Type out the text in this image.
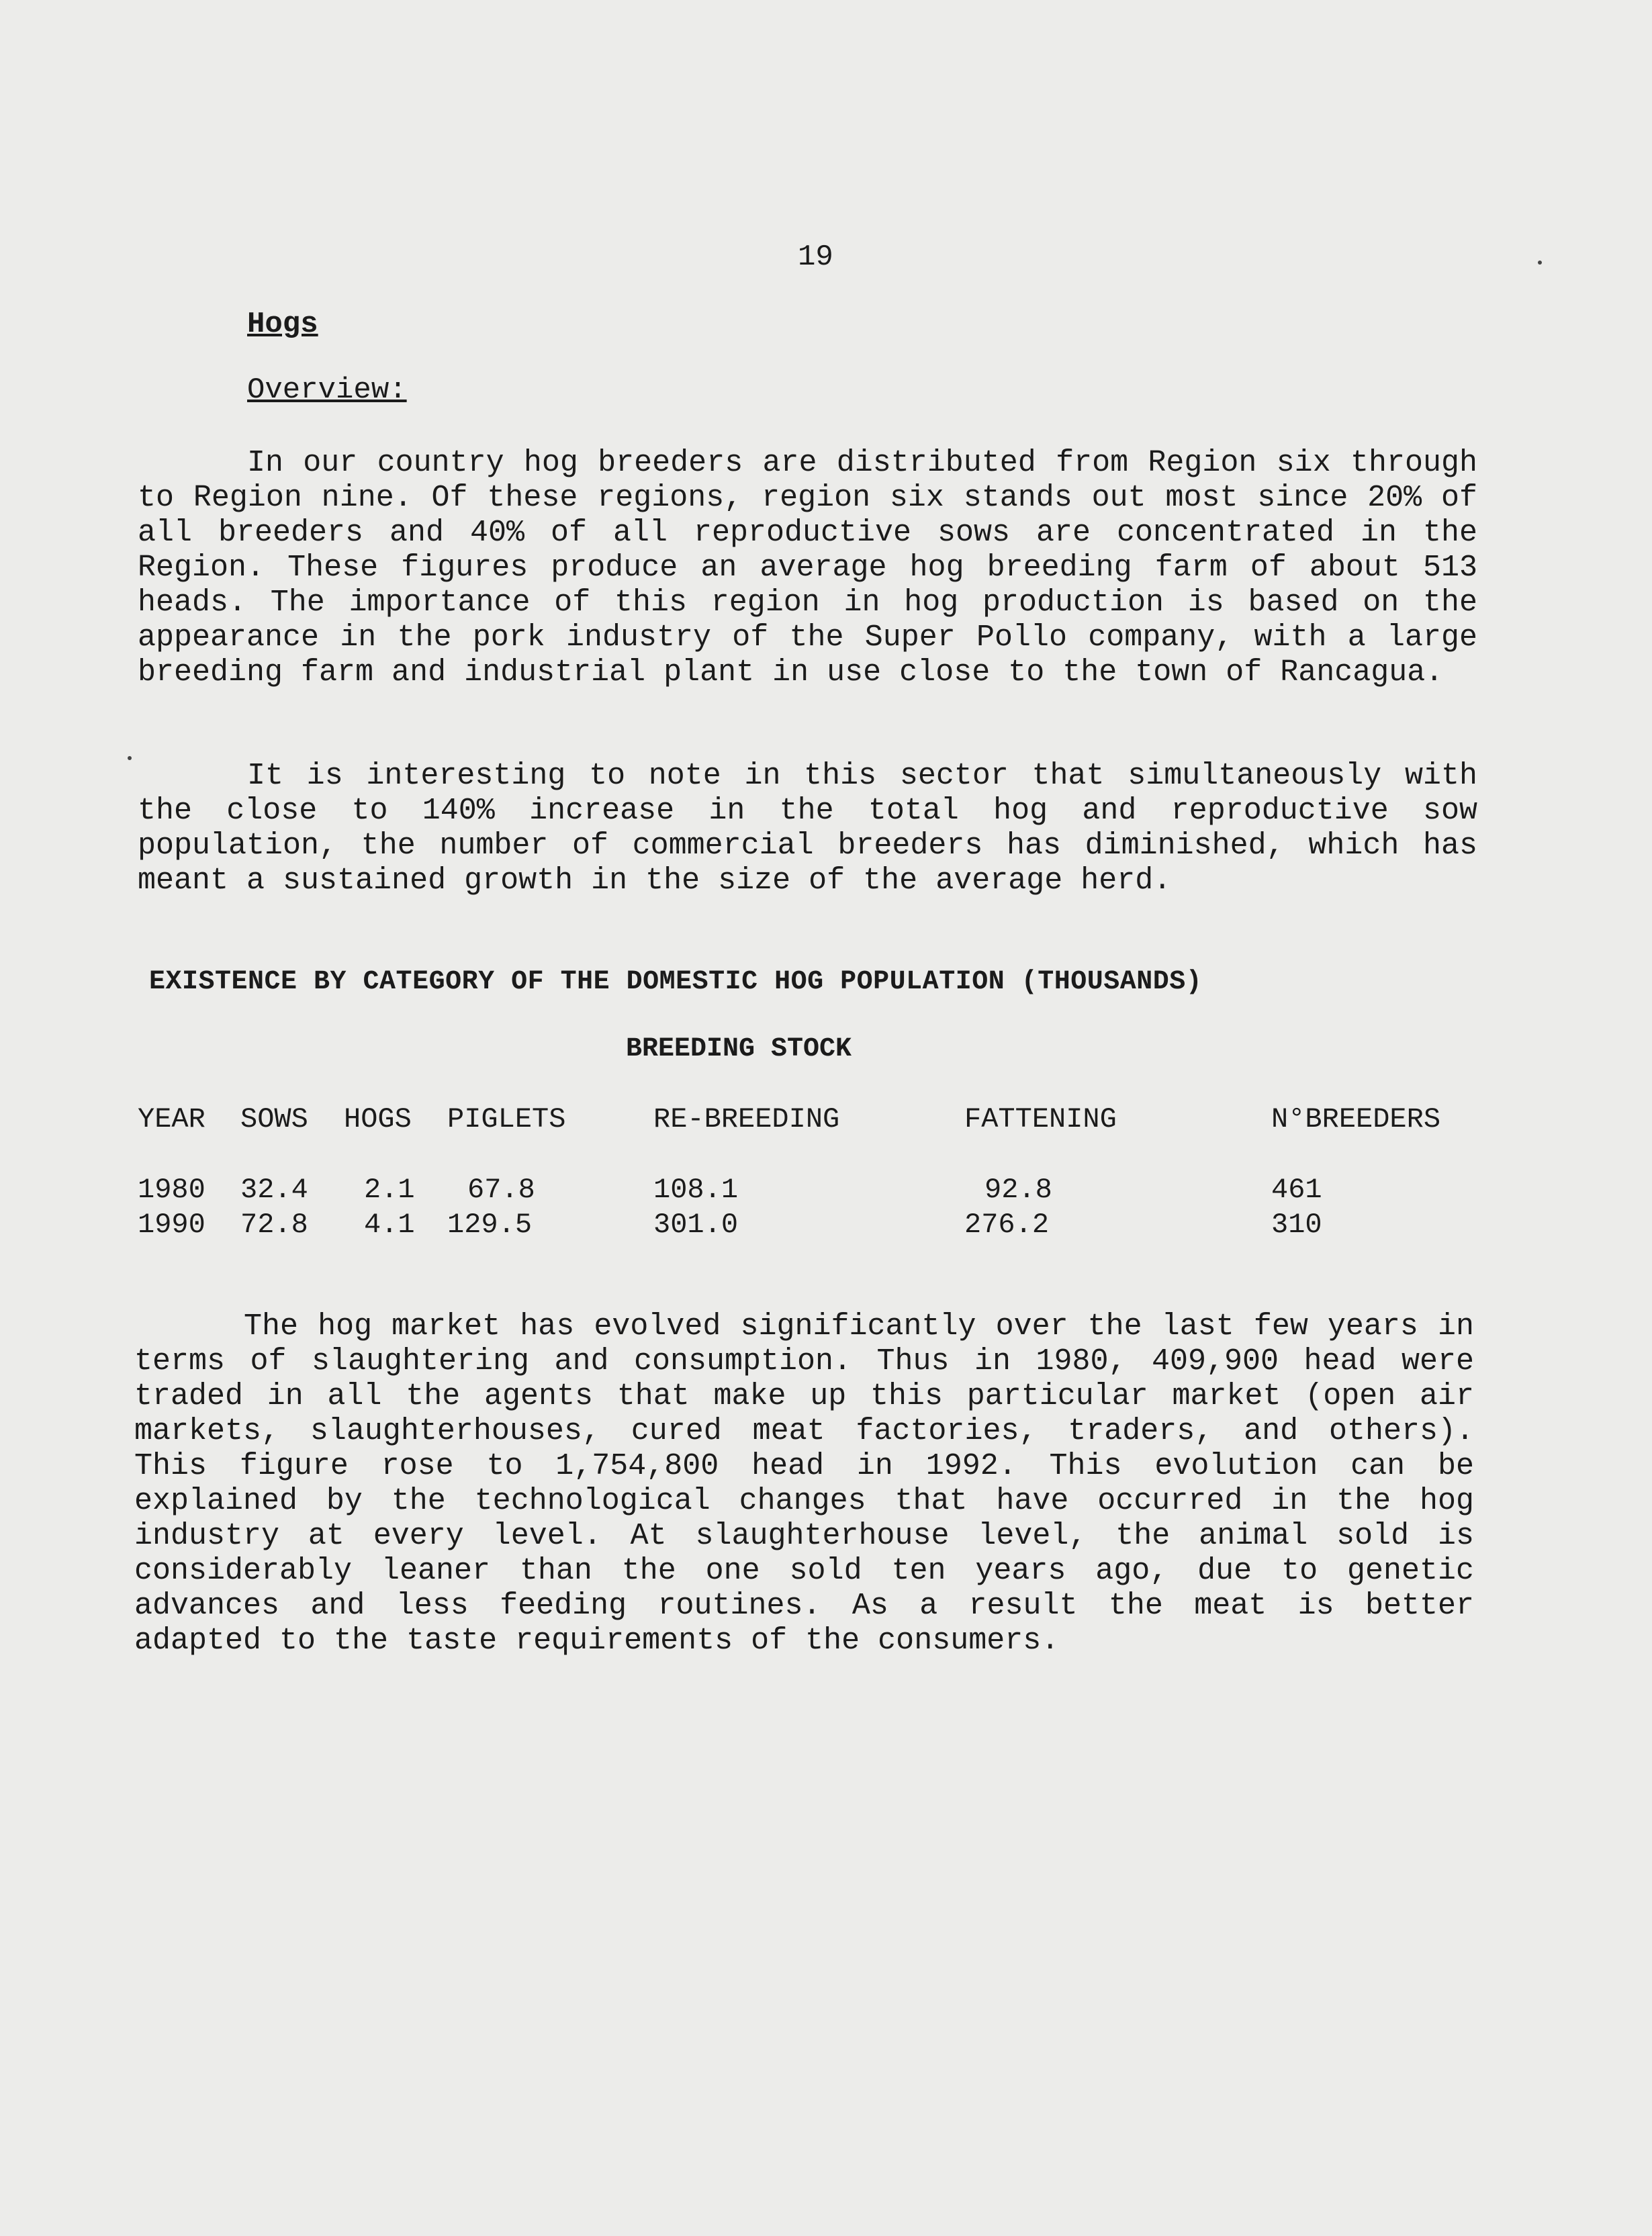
19
Hogs
Overview:

In our country hog breeders are distributed from Region six through to Region nine. Of these regions, region six stands out most since 20% of all breeders and 40% of all reproductive sows are concentrated in the Region. These figures produce an average hog breeding farm of about 513 heads. The importance of this region in hog production is based on the appearance in the pork industry of the Super Pollo company, with a large breeding farm and industrial plant in use close to the town of Rancagua.

It is interesting to note in this sector that simultaneously with the close to 140% increase in the total hog and reproductive sow population, the number of commercial breeders has diminished, which has meant a sustained growth in the size of the average herd.

EXISTENCE BY CATEGORY OF THE DOMESTIC HOG POPULATION (THOUSANDS)
BREEDING STOCK
YEAR SOWS HOGS PIGLETS	RE-BREEDING	FATTENING	N°BREEDERS
1980 32.4 2.1 67.8	108.1	92.8	461
1990 72.8 4.1 129.5	301.0	276.2	310

The hog market has evolved significantly over the last few years in terms of slaughtering and consumption. Thus in 1980, 409,900 head were traded in all the agents that make up this particular market (open air markets, slaughterhouses, cured meat factories, traders, and others). This figure rose to 1,754,800 head in 1992. This evolution can be explained by the technological changes that have occurred in the hog industry at every level. At slaughterhouse level, the animal sold is considerably leaner than the one sold ten years ago, due to genetic advances and less feeding routines. As a result the meat is better adapted to the taste requirements of the consumers.
